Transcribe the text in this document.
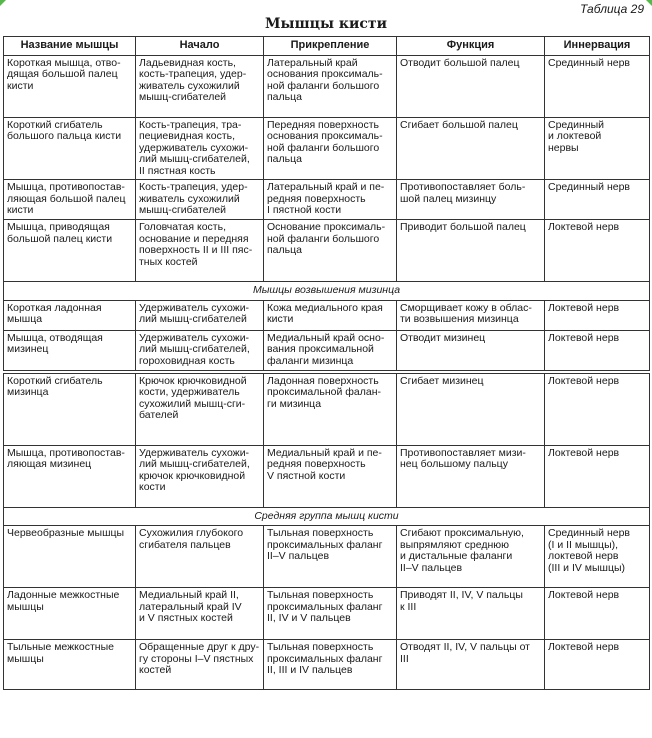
Таблица 29
Мышцы кисти
Название мышцы	Начало	Прикрепление	Функция	Иннервация
Короткая мышца, отво-
дящая большой палец
кисти	Ладьевидная кость,
кость-трапеция, удер-
живатель сухожилий
мышц-сгибателей	Латеральный край
основания проксималь-
ной фаланги большого
пальца	Отводит большой палец	Срединный нерв
Короткий сгибатель
большого пальца кисти	Кость-трапеция, тра-
пециевидная кость,
удерживатель сухожи-
лий мышц-сгибателей,
II пястная кость	Передняя поверхность
основания проксималь-
ной фаланги большого
пальца	Сгибает большой палец	Срединный
и локтевой
нервы
Мышца, противопостав-
ляющая большой палец
кисти	Кость-трапеция, удер-
живатель сухожилий
мышц-сгибателей	Латеральный край и пе-
редняя поверхность
I пястной кости	Противопоставляет боль-
шой палец мизинцу	Срединный нерв
Мышца, приводящая
большой палец кисти	Головчатая кость,
основание и передняя
поверхность II и III пяс-
тных костей	Основание проксималь-
ной фаланги большого
пальца	Приводит большой палец	Локтевой нерв
Мышцы возвышения мизинца				
Короткая ладонная
мышца	Удерживатель сухожи-
лий мышц-сгибателей	Кожа медиального края
кисти	Сморщивает кожу в облас-
ти возвышения мизинца	Локтевой нерв
Мышца, отводящая
мизинец	Удерживатель сухожи-
лий мышц-сгибателей,
гороховидная кость	Медиальный край осно-
вания проксимальной
фаланги мизинца	Отводит мизинец	Локтевой нерв

Короткий сгибатель
мизинца	Крючок крючковидной
кости, удерживатель
сухожилий мышц-сги-
бателей	Ладонная поверхность
проксимальной фалан-
ги мизинца	Сгибает мизинец	Локтевой нерв
Мышца, противопостав-
ляющая мизинец	Удерживатель сухожи-
лий мышц-сгибателей,
крючок крючковидной
кости	Медиальный край и пе-
редняя поверхность
V пястной кости	Противопоставляет мизи-
нец большому пальцу	Локтевой нерв
Средняя группа мышц кисти				
Червеобразные мышцы	Сухожилия глубокого
сгибателя пальцев	Тыльная поверхность
проксимальных фаланг
II–V пальцев	Сгибают проксимальную,
выпрямляют среднюю
и дистальные фаланги
II–V пальцев	Срединный нерв
(I и II мышцы),
локтевой нерв
(III и IV мышцы)
Ладонные межкостные
мышцы	Медиальный край II,
латеральный край IV
и V пястных костей	Тыльная поверхность
проксимальных фаланг
II, IV и V пальцев	Приводят II, IV, V пальцы
к III	Локтевой нерв
Тыльные межкостные
мышцы	Обращенные друг к дру-
гу стороны I–V пястных
костей	Тыльная поверхность
проксимальных фаланг
II, III и IV пальцев	Отводят II, IV, V пальцы от III	Локтевой нерв
